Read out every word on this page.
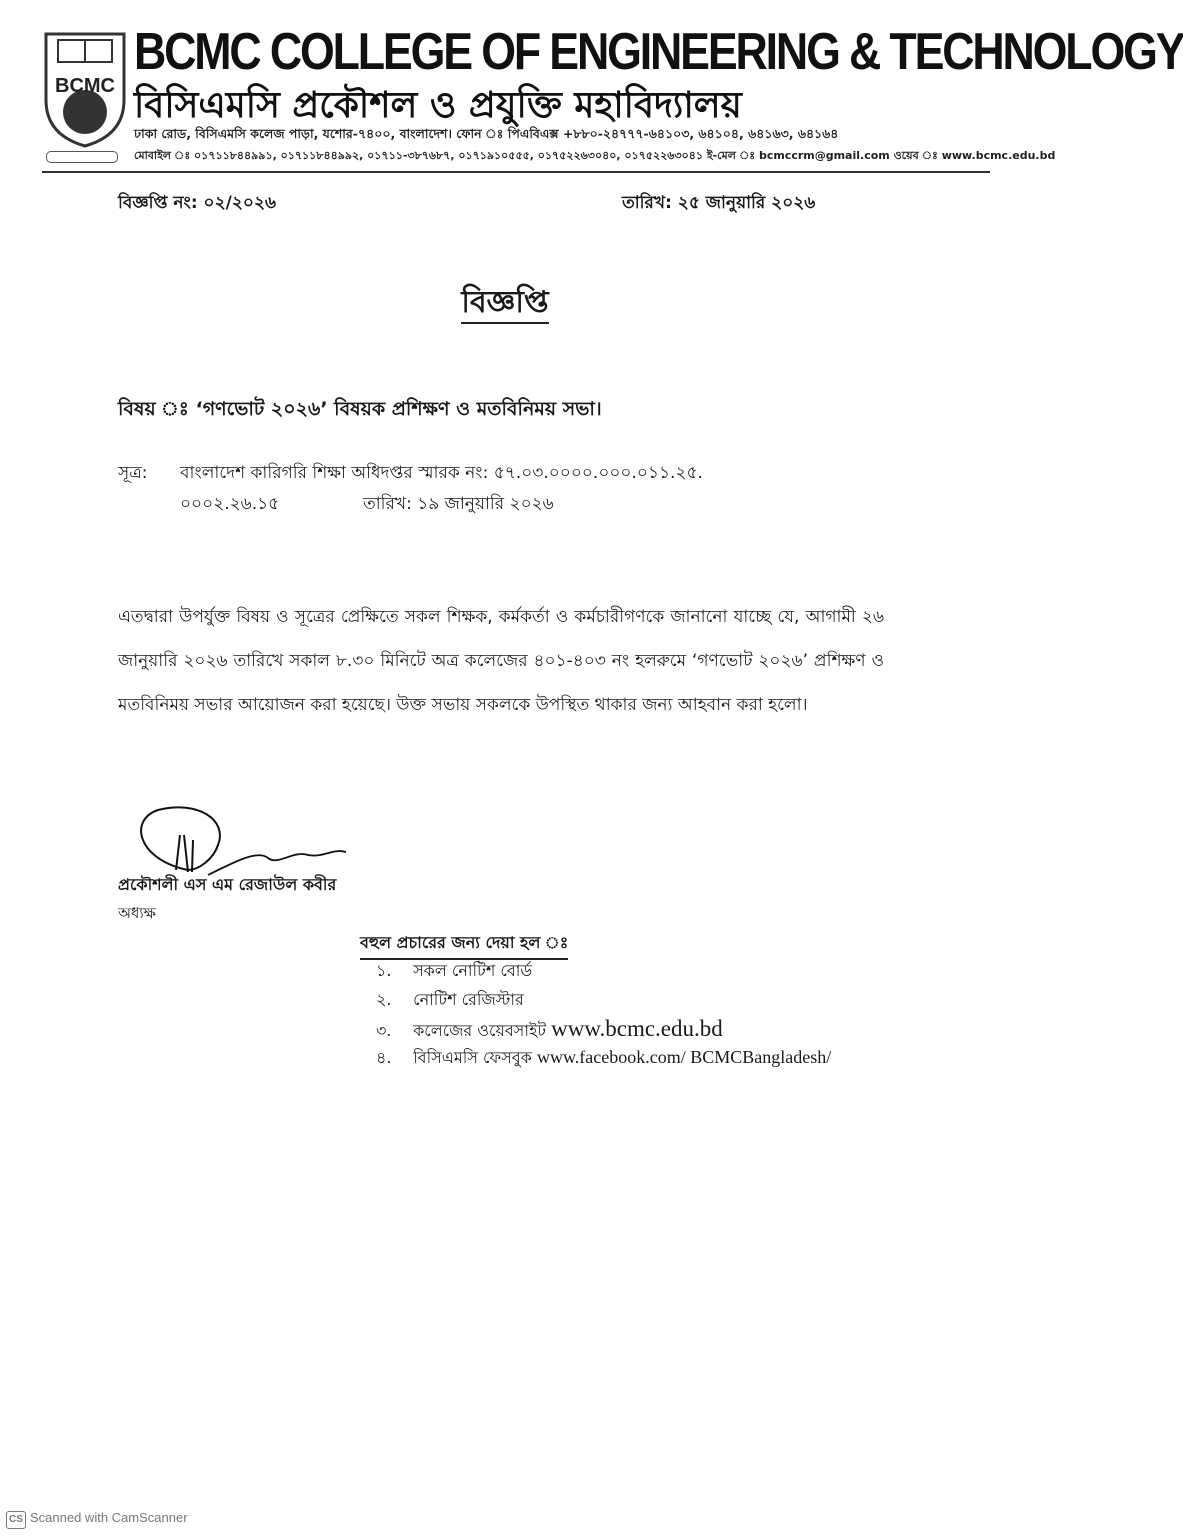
BCMC
BCMC COLLEGE OF ENGINEERING & TECHNOLOGY
বিসিএমসি প্রকৌশল ও প্রযুক্তি মহাবিদ্যালয়
ঢাকা রোড, বিসিএমসি কলেজ পাড়া, যশোর-৭৪০০, বাংলাদেশ। ফোন ঃ পিএবিএক্স +৮৮০-২৪৭৭৭-৬৪১০৩, ৬৪১০৪, ৬৪১৬৩, ৬৪১৬৪
মোবাইল ঃ ০১৭১১৮৪৪৯৯১, ০১৭১১৮৪৪৯৯২, ০১৭১১-৩৮৭৬৮৭, ০১৭১৯১০৫৫৫, ০১৭৫২২৬৩০৪০, ০১৭৫২২৬৩০৪১ ই-মেল ঃ bcmccrm@gmail.com ওয়েব ঃ www.bcmc.edu.bd
বিজ্ঞপ্তি নং: ০২/২০২৬	তারিখ: ২৫ জানুয়ারি ২০২৬
বিজ্ঞপ্তি
বিষয় ঃ ‘গণভোট ২০২৬’ বিষয়ক প্রশিক্ষণ ও মতবিনিময় সভা।
সূত্র: বাংলাদেশ কারিগরি শিক্ষা অধিদপ্তর স্মারক নং: ৫৭.০৩.০০০০.০০০.০১১.২৫.
০০০২.২৬.১৫	তারিখ: ১৯ জানুয়ারি ২০২৬
এতদ্বারা উপর্যুক্ত বিষয় ও সূত্রের প্রেক্ষিতে সকল শিক্ষক, কর্মকর্তা ও কর্মচারীগণকে জানানো যাচ্ছে যে, আগামী ২৬ জানুয়ারি ২০২৬ তারিখে সকাল ৮.৩০ মিনিটে অত্র কলেজের ৪০১-৪০৩ নং হলরুমে ‘গণভোট ২০২৬’ প্রশিক্ষণ ও মতবিনিময় সভার আয়োজন করা হয়েছে। উক্ত সভায় সকলকে উপস্থিত থাকার জন্য আহবান করা হলো।
প্রকৌশলী এস এম রেজাউল কবীর
অধ্যক্ষ
বহুল প্রচারের জন্য দেয়া হল ঃ
১. সকল নোটিশ বোর্ড
২. নোটিশ রেজিস্টার
৩. কলেজের ওয়েবসাইট www.bcmc.edu.bd
৪. বিসিএমসি ফেসবুক www.facebook.com/ BCMCBangladesh/
CS Scanned with CamScanner
